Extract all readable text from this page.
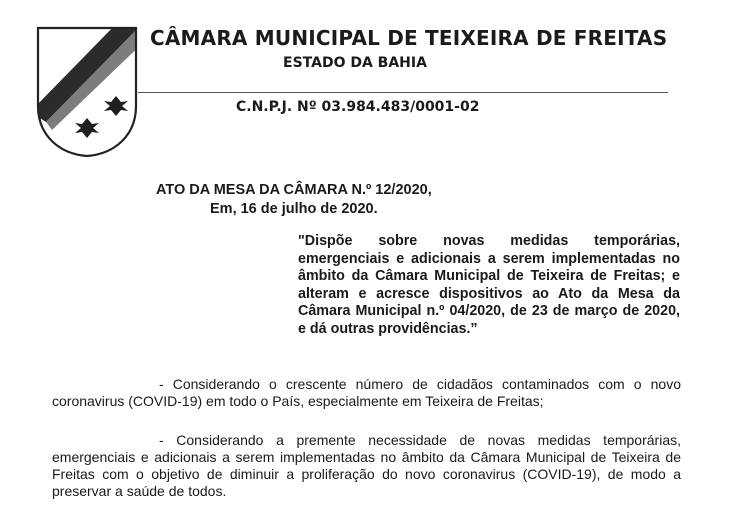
CÂMARA MUNICIPAL DE TEIXEIRA DE FREITAS
ESTADO DA BAHIA
C.N.P.J. Nº 03.984.483/0001-02
ATO DA MESA DA CÂMARA N.º 12/2020,
Em, 16 de julho de 2020.

"Dispõe sobre novas medidas temporárias, emergenciais e adicionais a serem implementadas no âmbito da Câmara Municipal de Teixeira de Freitas; e alteram e acresce dispositivos ao Ato da Mesa da Câmara Municipal n.º 04/2020, de 23 de março de 2020, e dá outras providências.”

- Considerando o crescente número de cidadãos contaminados com o novo coronavirus (COVID-19) em todo o País, especialmente em Teixeira de Freitas;

- Considerando a premente necessidade de novas medidas temporárias, emergenciais e adicionais a serem implementadas no âmbito da Câmara Municipal de Teixeira de Freitas com o objetivo de diminuir a proliferação do novo coronavirus (COVID-19), de modo a preservar a saúde de todos.
